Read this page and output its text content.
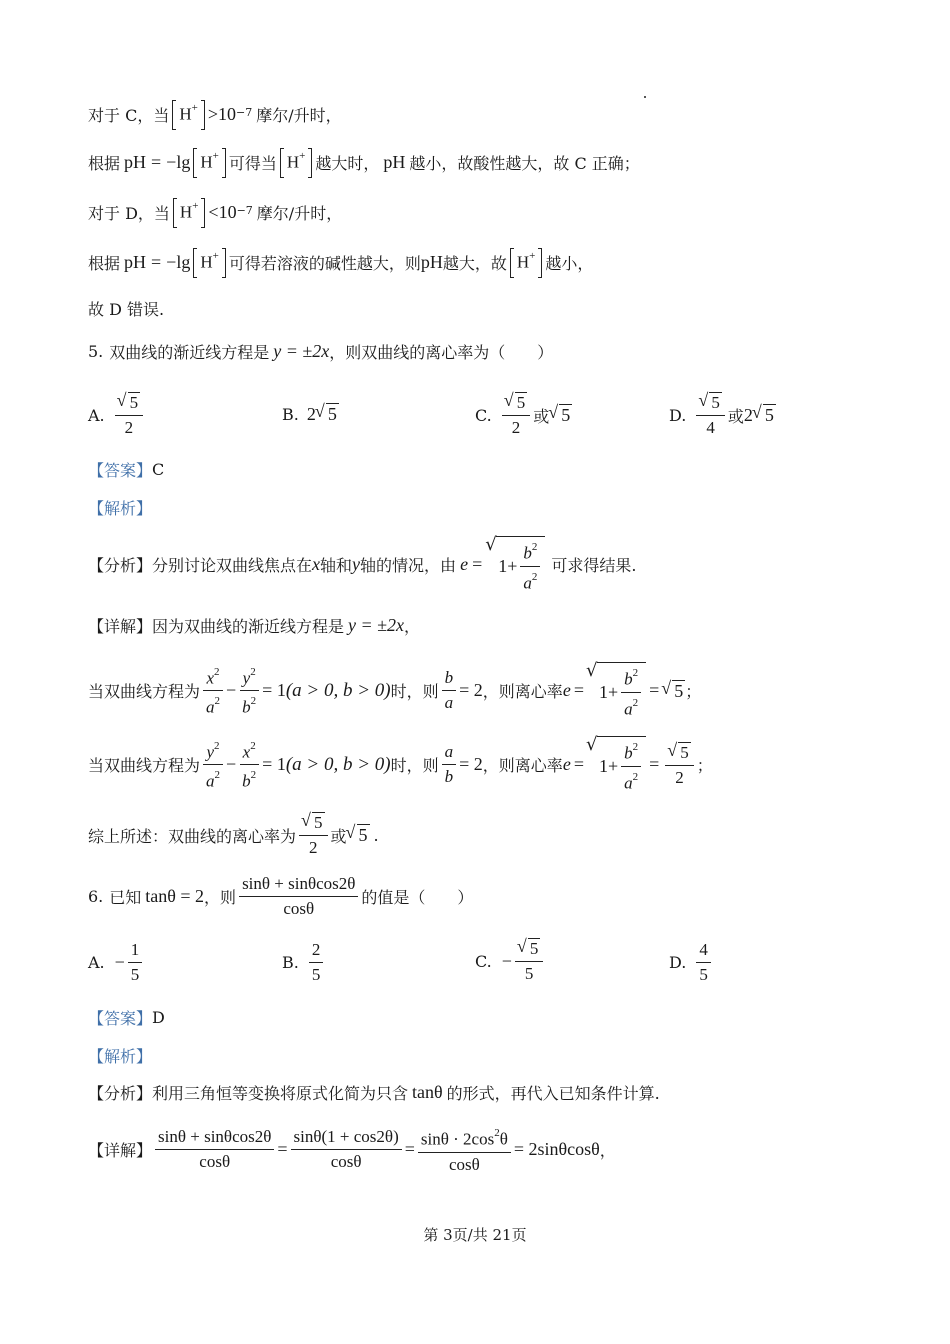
对于 C，当 H+ > 10 −7 摩尔/升时，
根据 pH = −lg H+ 可得当 H+ 越大时， pH 越小，故酸性越大，故 C 正确；
对于 D，当 H+ < 10 −7 摩尔/升时，
根据 pH = −lg H+ 可得若溶液的碱性越大，则 pH 越大，故 H+ 越小，
故 D 错误.
5. 双曲线的渐近线方程是 y = ±2x ，则双曲线的离心率为（　　）
A. √ $\frac{5}{2}$	B. 2 √ 5	C. √ $\frac{5}{2}$ 或 √ 5	D. √ $\frac{5}{4}$ 或 2 √ 5
【答案】 C
【解析】
【分析】 分别讨论双曲线焦点在 x 轴和 y 轴的情况，由 e = √ $1 + \frac{b^2}{a^2}$ 可求得结果.
【详解】 因为双曲线的渐近线方程是 y = ±2x ，
当双曲线方程为 $\frac{x^2}{a^2} - \frac{y^2}{b^2} = 1$ (a > 0, b > 0) 时，则 $\frac{b}{a} = 2$ ，则离心率 e = √ $1 + \frac{b^2}{a^2}$ = √ 5 ；
当双曲线方程为 $\frac{y^2}{a^2} - \frac{x^2}{b^2} = 1$ (a > 0, b > 0) 时，则 $\frac{a}{b} = 2$ ，则离心率 e = √ $1 + \frac{b^2}{a^2}$ = √ $\frac{5}{2}$ ；
综上所述：双曲线的离心率为 √ $\frac{5}{2}$ 或 √ 5 .
6. 已知 tanθ = 2 ，则 $\frac{\sin\theta + \sin\theta\cos 2\theta}{\cos\theta}$ 的值是（　　）
A. − $\frac{1}{5}$	B. $\frac{2}{5}$	C. − √ $\frac{5}{5}$	D. $\frac{4}{5}$
【答案】 D
【解析】
【分析】 利用三角恒等变换将原式化简为只含 tanθ 的形式，再代入已知条件计算.
【详解】 $\frac{\sin\theta + \sin\theta\cos 2\theta}{\cos\theta} = \frac{\sin\theta(1 + \cos 2\theta)}{\cos\theta} = \frac{\sin\theta \cdot 2\cos^2\theta}{\cos\theta} = 2\sin\theta\cos\theta$ ，
第 3页/共 21页
